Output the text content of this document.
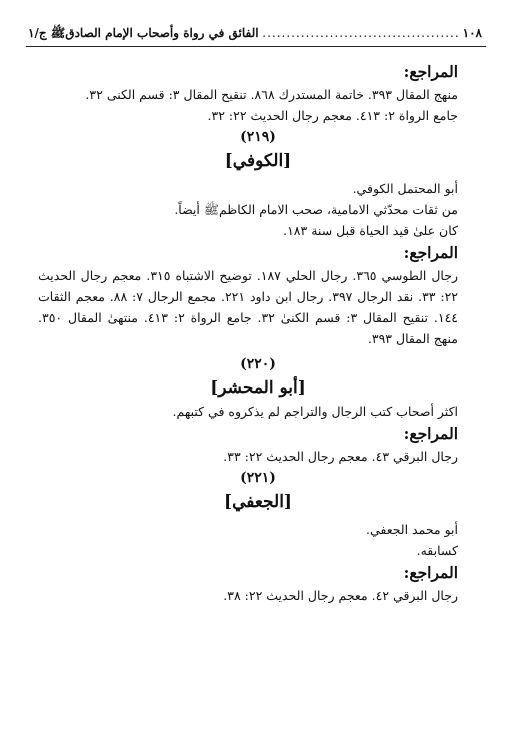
١٠٨
.....
الفائق في رواة وأصحاب الإمام الصادقﷺ ج/١
المراجع:
منهج المقال ٣٩٣. خاتمة المستدرك ٨٦٨. تنقيح المقال ٣: قسم الكنى ٣٢.
جامع الرواة ٢: ٤١٣. معجم رجال الحديث ٢٢: ٣٢.
(٢١٩)
[الكوفي]
أبو المحتمل الكوفي.
من ثقات محدّثي الامامية، صحب الامام الكاظمﷺ أيضاً.
كان علىٰ قيد الحياة قبل سنة ١٨٣.
المراجع:
رجال الطوسي ٣٦٥. رجال الحلي ١٨٧. توضيح الاشتباه ٣١٥. معجم رجال الحديث ٢٢: ٣٣. نقد الرجال ٣٩٧. رجال ابن داود ٢٢١. مجمع الرجال ٧: ٨٨. معجم الثقات ١٤٤. تنقيح المقال ٣: قسم الكنىٰ ٣٢. جامع الرواة ٢: ٤١٣. منتهىٰ المقال ٣٥٠. منهج المقال ٣٩٣.
(٢٢٠)
[أبو المحشر]
اكثر أصحاب كتب الرجال والتراجم لم يذكروه في كتبهم.
المراجع:
رجال البرقي ٤٣. معجم رجال الحديث ٢٢: ٣٣.
(٢٢١)
[الجعفي]
أبو محمد الجعفي.
كسابقه.
المراجع:
رجال البرقي ٤٢. معجم رجال الحديث ٢٢: ٣٨.
